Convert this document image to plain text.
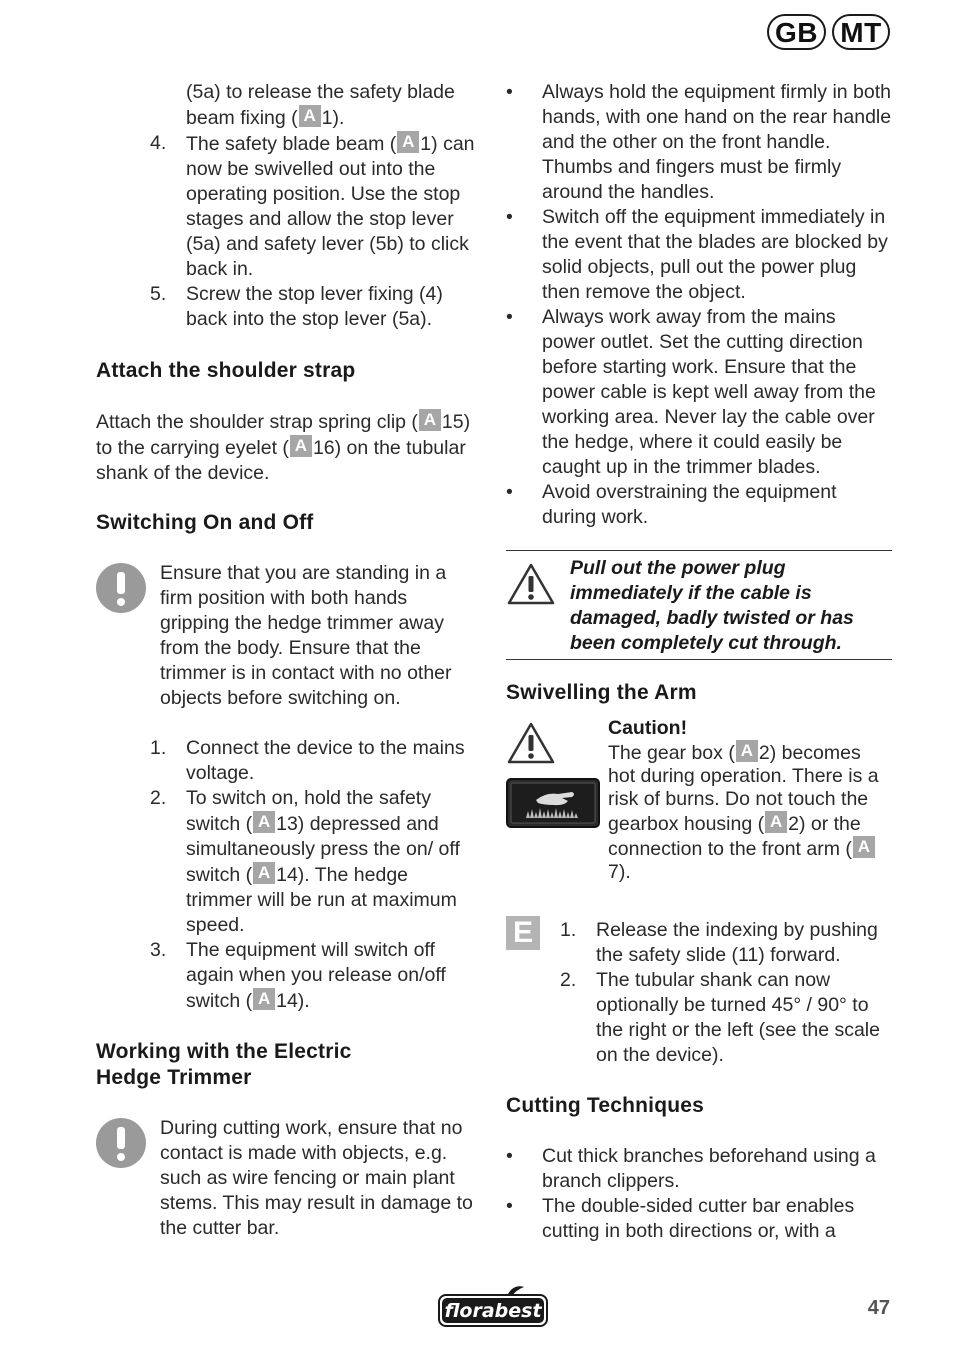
GB MT
(5a) to release the safety blade
beam fixing ( A 1).
4. The safety blade beam ( A 1) can now be swivelled out into the operating position. Use the stop stages and allow the stop lever (5a) and safety lever (5b) to click back in.
5. Screw the stop lever fixing (4) back into the stop lever (5a).
Attach the shoulder strap

Attach the shoulder strap spring clip ( A 15) to the carrying eyelet ( A 16) on the tubular shank of the device.

Switching On and Off
Ensure that you are standing in a firm position with both hands gripping the hedge trimmer away from the body. Ensure that the trimmer is in contact with no other objects before switching on.
1. Connect the device to the mains voltage.
2. To switch on, hold the safety switch ( A 13) depressed and simultaneously press the on/ off switch ( A 14). The hedge trimmer will be run at maximum speed.
3. The equipment will switch off again when you release on/off switch ( A 14).
Working with the Electric
Hedge Trimmer
During cutting work, ensure that no contact is made with objects, e.g. such as wire fencing or main plant stems. This may result in damage to the cutter bar.
• Always hold the equipment firmly in both hands, with one hand on the rear handle and the other on the front handle. Thumbs and fingers must be firmly around the handles.
• Switch off the equipment immediately in the event that the blades are blocked by solid objects, pull out the power plug then remove the object.
• Always work away from the mains power outlet. Set the cutting direction before starting work. Ensure that the power cable is kept well away from the working area. Never lay the cable over the hedge, where it could easily be caught up in the trimmer blades.
• Avoid overstraining the equipment during work.
Pull out the power plug immediately if the cable is damaged, badly twisted or has been completely cut through.
Swivelling the Arm
Caution!
The gear box ( A 2) becomes hot during operation. There is a risk of burns. Do not touch the gearbox housing ( A 2) or the connection to the front arm ( A7).
E	1. Release the indexing by pushing the safety slide (11) forward.
2. The tubular shank can now optionally be turned 45° / 90° to the right or the left (see the scale on the device).
Cutting Techniques
• Cut thick branches beforehand using a branch clippers.
• The double-sided cutter bar enables cutting in both directions or, with a
florabest	47
